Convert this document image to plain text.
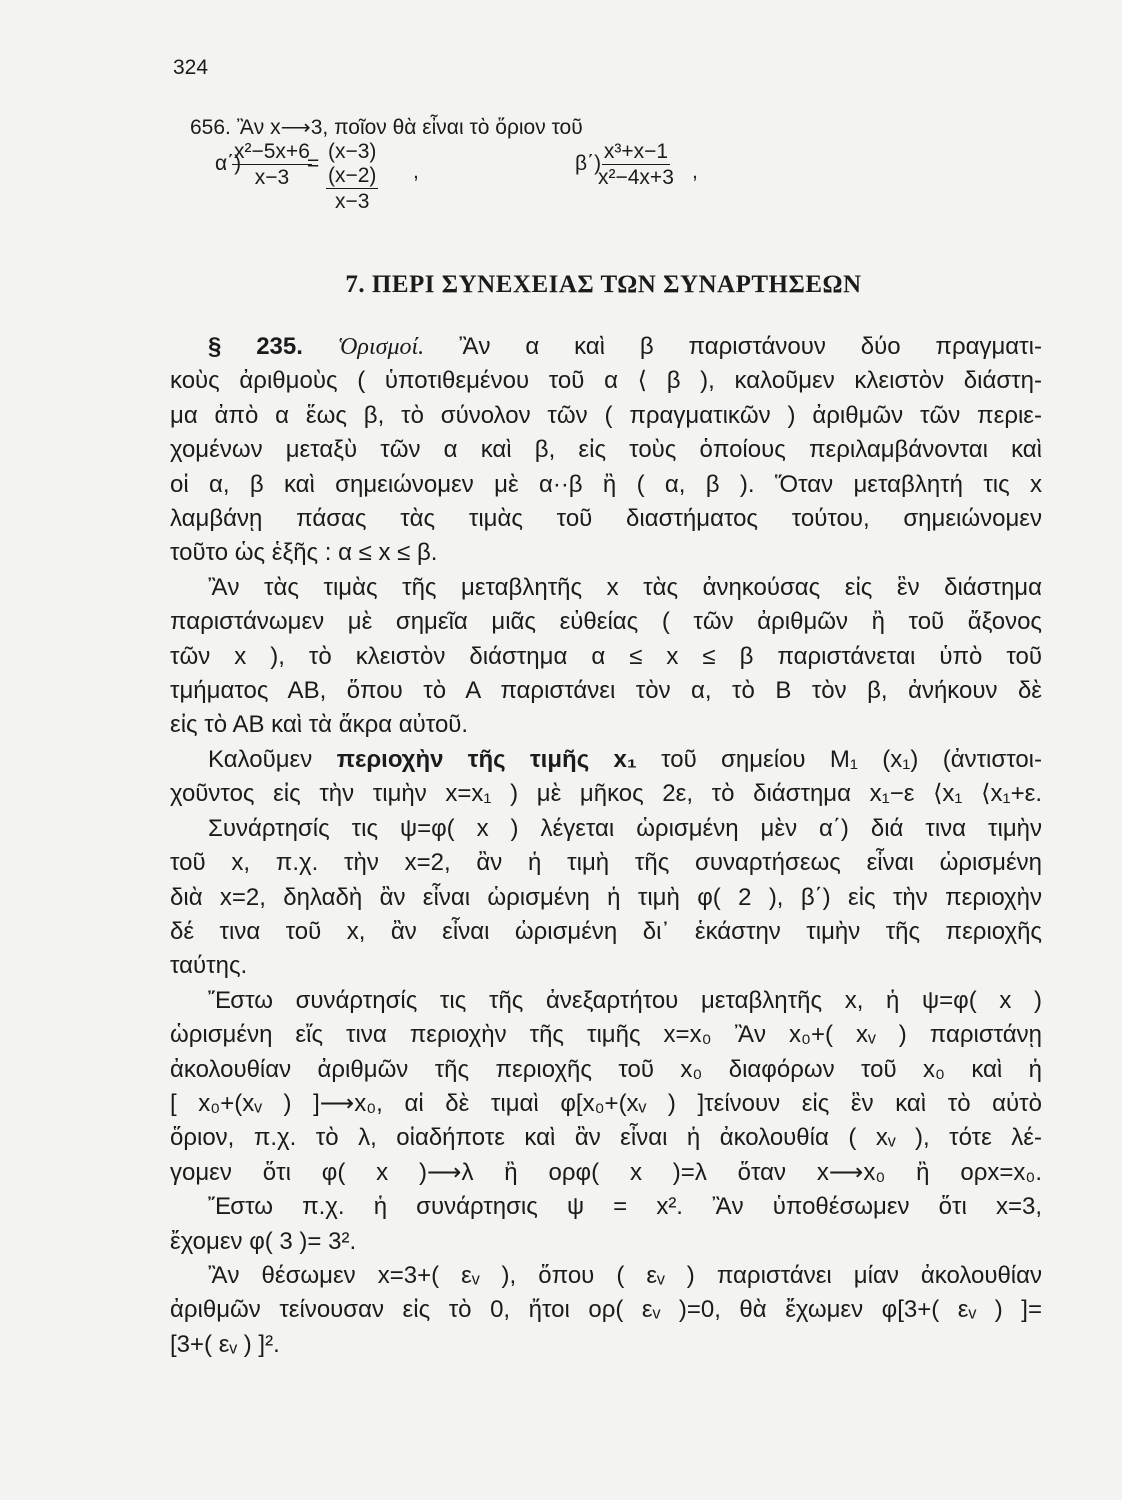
324
656. Ἂν x⟶3, ποῖον θὰ εἶναι τὸ ὅριον τοῦ
α΄)
$\frac{\text{x²−5x+6}}{x-3}$
= $\frac{(x-3)(x-2)}{x-3}$ ,	β΄)
$\frac{\text{x³+x−1}}{\text{x²−4x+3}}$ ,
7. ΠΕΡΙ ΣΥΝΕΧΕΙΑΣ ΤΩΝ ΣΥΝΑΡΤΗΣΕΩΝ
§ 235. Ὁρισμοί. Ἂν α καὶ β παριστάνουν δύο πραγματι-
κοὺς ἀριθμοὺς ( ὑποτιθεμένου τοῦ α ⟨ β ), καλοῦμεν κλειστὸν διάστη-
μα ἀπὸ α ἕως β, τὸ σύνολον τῶν ( πραγματικῶν ) ἀριθμῶν τῶν περιε-
χομένων μεταξὺ τῶν α καὶ β, εἰς τοὺς ὁποίους περιλαμβάνονται καὶ
οἱ α, β καὶ σημειώνομεν μὲ α··β ἢ ( α, β ). Ὅταν μεταβλητή τις x
λαμβάνῃ πάσας τὰς τιμὰς τοῦ διαστήματος τούτου, σημειώνομεν
τοῦτο ὡς ἑξῆς : α ≤ x ≤ β.
Ἂν τὰς τιμὰς τῆς μεταβλητῆς x τὰς ἀνηκούσας εἰς ἓν διάστημα
παριστάνωμεν μὲ σημεῖα μιᾶς εὐθείας ( τῶν ἀριθμῶν ἢ τοῦ ἄξονος
τῶν x ), τὸ κλειστὸν διάστημα α ≤ x ≤ β παριστάνεται ὑπὸ τοῦ
τμήματος ΑΒ, ὅπου τὸ Α παριστάνει τὸν α, τὸ Β τὸν β, ἀνήκουν δὲ
εἰς τὸ ΑΒ καὶ τὰ ἄκρα αὐτοῦ.
Καλοῦμεν περιοχὴν τῆς τιμῆς x₁ τοῦ σημείου M₁ (x₁) (ἀντιστοι-
χοῦντος εἰς τὴν τιμὴν x=x₁ ) μὲ μῆκος 2ε, τὸ διάστημα x₁−ε ⟨x₁ ⟨x₁+ε.
Συνάρτησίς τις ψ=φ( x ) λέγεται ὡρισμένη μὲν α΄) διά τινα τιμὴν
τοῦ x, π.χ. τὴν x=2, ἂν ἡ τιμὴ τῆς συναρτήσεως εἶναι ὡρισμένη
διὰ x=2, δηλαδὴ ἂν εἶναι ὡρισμένη ἡ τιμὴ φ( 2 ), β΄) εἰς τὴν περιοχὴν
δέ τινα τοῦ x, ἂν εἶναι ὡρισμένη δι᾽ ἑκάστην τιμὴν τῆς περιοχῆς
ταύτης.
Ἔστω συνάρτησίς τις τῆς ἀνεξαρτήτου μεταβλητῆς x, ἡ ψ=φ( x )
ὡρισμένη εἴς τινα περιοχὴν τῆς τιμῆς x=x₀ Ἂν x₀+( xᵥ ) παριστάνῃ
ἀκολουθίαν ἀριθμῶν τῆς περιοχῆς τοῦ x₀ διαφόρων τοῦ x₀ καὶ ἡ
[ x₀+(xᵥ ) ]⟶x₀, αἱ δὲ τιμαὶ φ[x₀+(xᵥ ) ]τείνουν εἰς ἓν καὶ τὸ αὐτὸ
ὅριον, π.χ. τὸ λ, οἱαδήποτε καὶ ἂν εἶναι ἡ ἀκολουθία ( xᵥ ), τότε λέ-
γομεν ὅτι φ( x )⟶λ ἢ ορφ( x )=λ ὅταν x⟶x₀ ἢ ορx=x₀.
Ἔστω π.χ. ἡ συνάρτησις ψ = x². Ἂν ὑποθέσωμεν ὅτι x=3,
ἔχομεν φ( 3 )= 3².
Ἂν θέσωμεν x=3+( εᵥ ), ὅπου ( εᵥ ) παριστάνει μίαν ἀκολουθίαν
ἀριθμῶν τείνουσαν εἰς τὸ 0, ἤτοι ορ( εᵥ )=0, θὰ ἔχωμεν φ[3+( εᵥ ) ]=
[3+( εᵥ ) ]².
